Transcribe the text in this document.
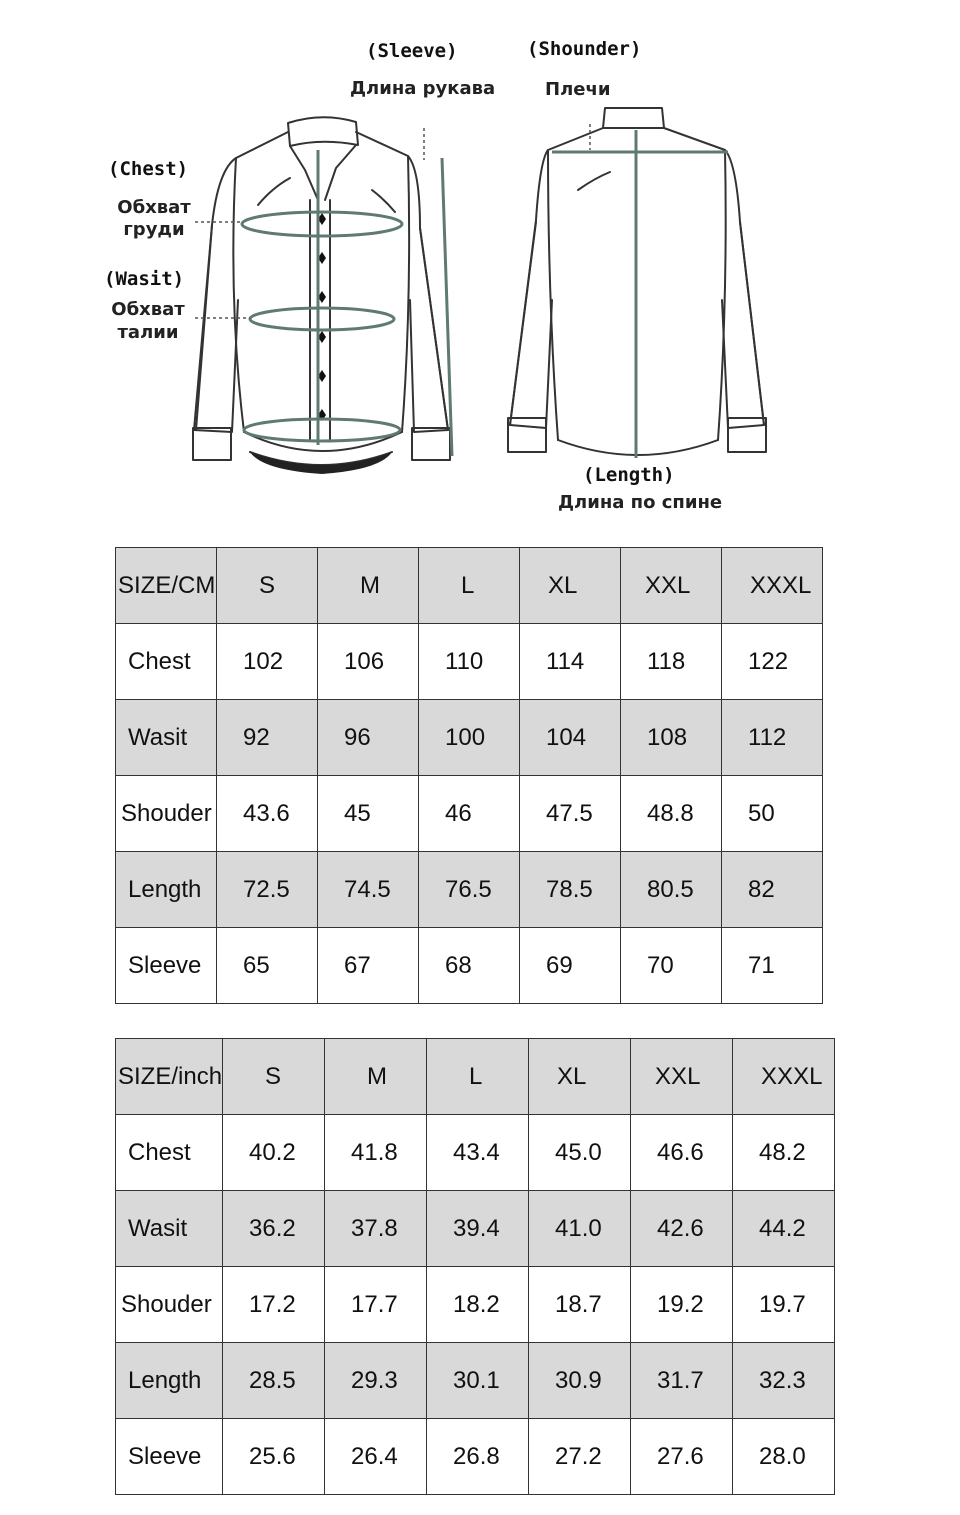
(Sleeve)
Длина рукава
(Shounder)
Плечи
(Chest)
Обхват
груди
(Wasit)
Обхват
талии
(Length)
Длина по спине
SIZE/CM	S	M	L	XL	XXL	XXXL
Chest	102	106	110	114	118	122
Wasit	92	96	100	104	108	112
Shouder	43.6	45	46	47.5	48.8	50
Length	72.5	74.5	76.5	78.5	80.5	82
Sleeve	65	67	68	69	70	71
SIZE/inch	S	M	L	XL	XXL	XXXL
Chest	40.2	41.8	43.4	45.0	46.6	48.2
Wasit	36.2	37.8	39.4	41.0	42.6	44.2
Shouder	17.2	17.7	18.2	18.7	19.2	19.7
Length	28.5	29.3	30.1	30.9	31.7	32.3
Sleeve	25.6	26.4	26.8	27.2	27.6	28.0
